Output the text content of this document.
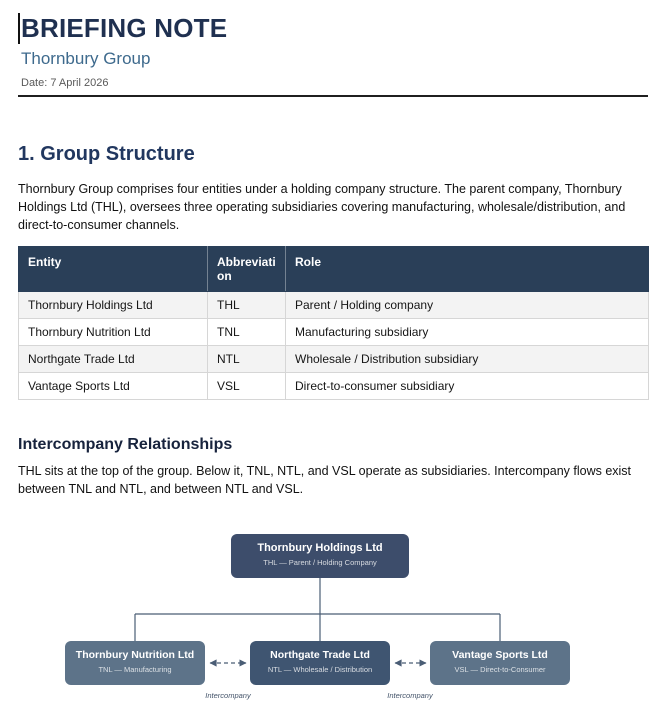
BRIEFING NOTE
Thornbury Group
Date: 7 April 2026
1. Group Structure
Thornbury Group comprises four entities under a holding company structure. The parent company, Thornbury Holdings Ltd (THL), oversees three operating subsidiaries covering manufacturing, wholesale/distribution, and direct-to-consumer channels.
Entity	Abbreviation	Role
Thornbury Holdings Ltd	THL	Parent / Holding company
Thornbury Nutrition Ltd	TNL	Manufacturing subsidiary
Northgate Trade Ltd	NTL	Wholesale / Distribution subsidiary
Vantage Sports Ltd	VSL	Direct-to-consumer subsidiary
Intercompany Relationships
THL sits at the top of the group. Below it, TNL, NTL, and VSL operate as subsidiaries. Intercompany flows exist between TNL and NTL, and between NTL and VSL.
Thornbury Holdings Ltd
THL — Parent / Holding Company
Thornbury Nutrition Ltd
TNL — Manufacturing
Northgate Trade Ltd
NTL — Wholesale / Distribution
Vantage Sports Ltd
VSL — Direct-to-Consumer
Intercompany	Intercompany
